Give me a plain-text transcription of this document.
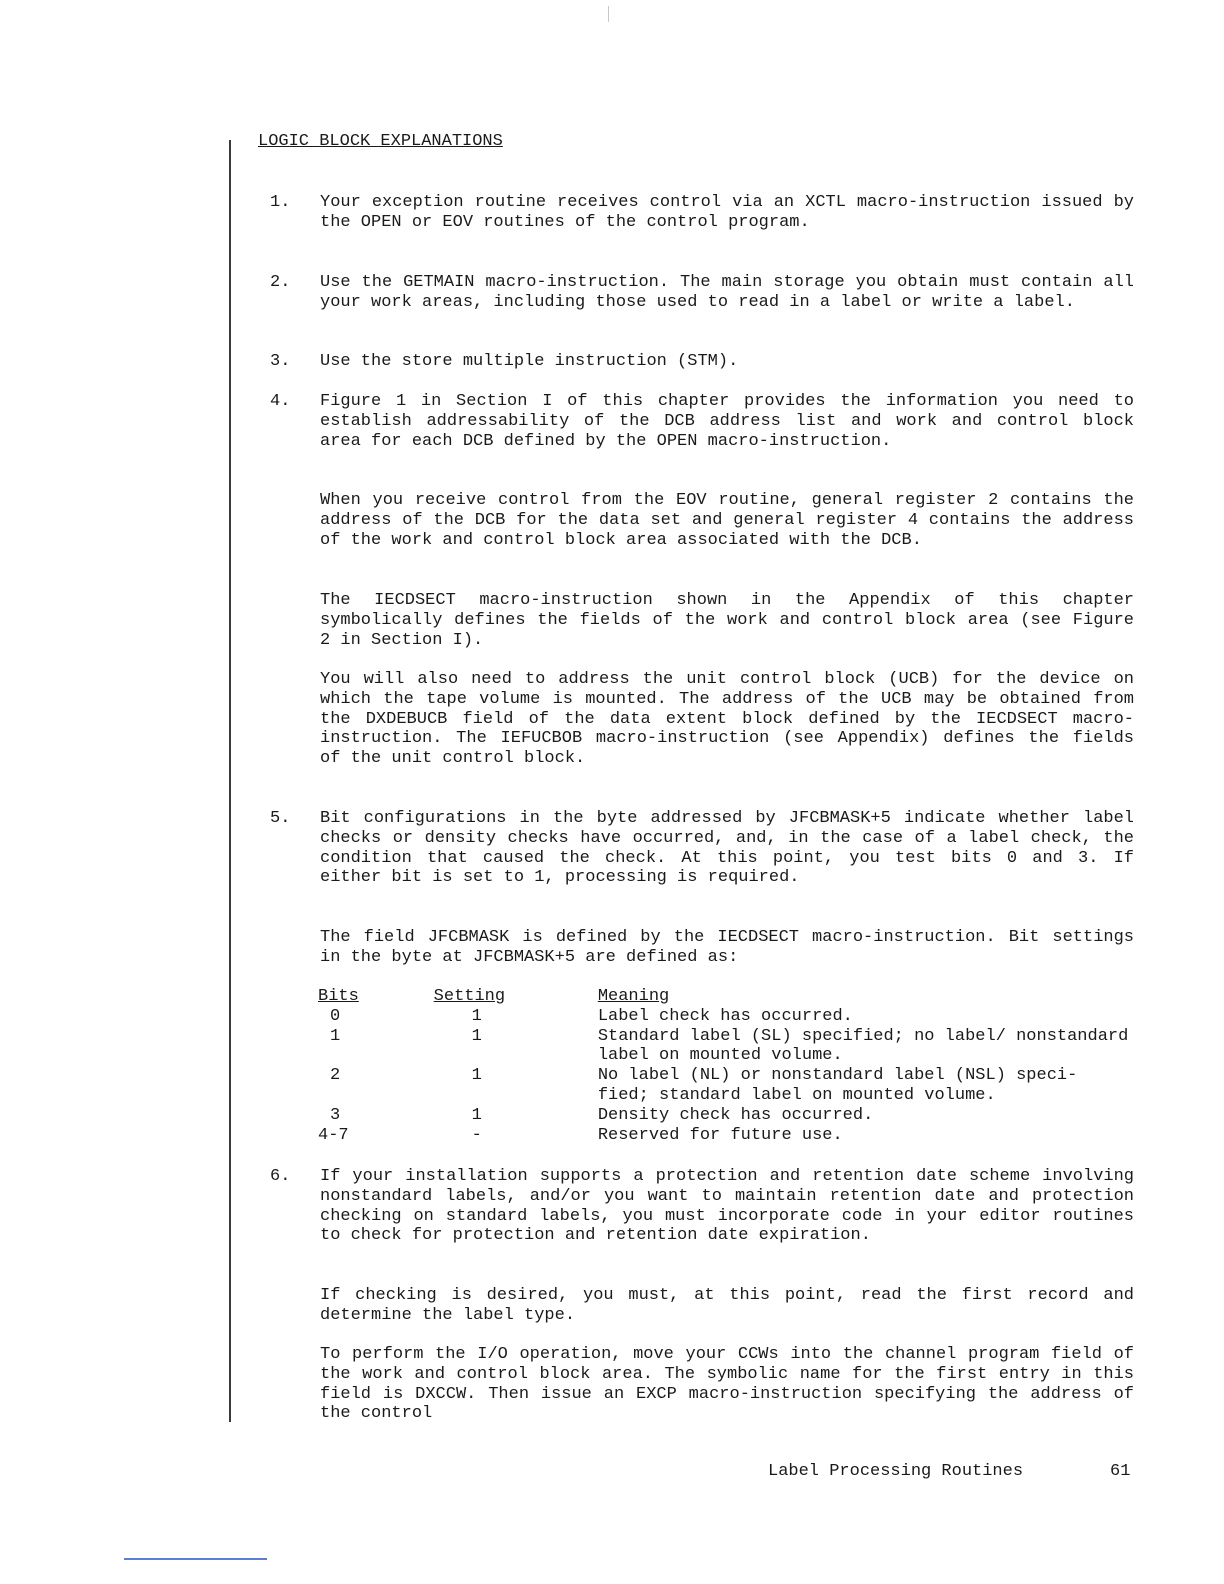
LOGIC BLOCK EXPLANATIONS
1.	Your exception routine receives control via an XCTL macro-instruction issued by the OPEN or EOV routines of the control program.

2.	Use the GETMAIN macro-instruction. The main storage you obtain must contain all your work areas, including those used to read in a label or write a label.

3.	Use the store multiple instruction (STM).

4.	Figure 1 in Section I of this chapter provides the information you need to establish addressability of the DCB address list and work and control block area for each DCB defined by the OPEN macro-instruction.

When you receive control from the EOV routine, general register 2 contains the address of the DCB for the data set and general register 4 contains the address of the work and control block area associated with the DCB.

The IECDSECT macro-instruction shown in the Appendix of this chapter symbolically defines the fields of the work and control block area (see Figure 2 in Section I).

You will also need to address the unit control block (UCB) for the device on which the tape volume is mounted. The address of the UCB may be obtained from the DXDEBUCB field of the data extent block defined by the IECDSECT macro-instruction. The IEFUCBOB macro-instruction (see Appendix) defines the fields of the unit control block.

5.	Bit configurations in the byte addressed by JFCBMASK+5 indicate whether label checks or density checks have occurred, and, in the case of a label check, the condition that caused the check. At this point, you test bits 0 and 3. If either bit is set to 1, processing is required.

The field JFCBMASK is defined by the IECDSECT macro-instruction. Bit settings in the byte at JFCBMASK+5 are defined as:

Bits	Setting	Meaning
0	1	Label check has occurred.
1	1	Standard label (SL) specified; no label/ nonstandard label on mounted volume.
2	1	No label (NL) or nonstandard label (NSL) speci- fied; standard label on mounted volume.
3	1	Density check has occurred.
4-7	-	Reserved for future use.
6.	If your installation supports a protection and retention date scheme involving nonstandard labels, and/or you want to maintain retention date and protection checking on standard labels, you must incorporate code in your editor routines to check for protection and retention date expiration.

If checking is desired, you must, at this point, read the first record and determine the label type.

To perform the I/O operation, move your CCWs into the channel program field of the work and control block area. The symbolic name for the first entry in this field is DXCCW. Then issue an EXCP macro-instruction specifying the address of the control

Label Processing Routines	61
